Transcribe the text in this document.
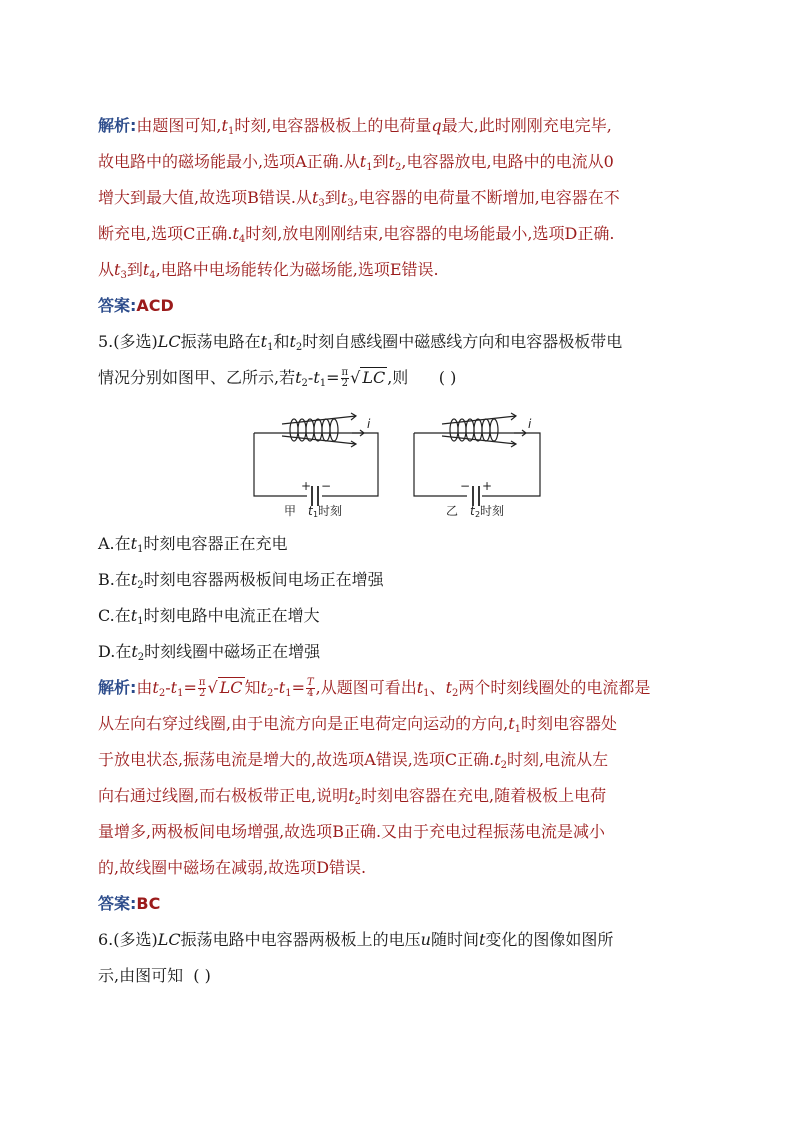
解析:由题图可知$,t_1$时刻,电容器极板上的电荷量q最大,此时刚刚充电完毕,
故电路中的磁场能最小,选项A正确.从$t_1$到$t_2$,电容器放电,电路中的电流从0
增大到最大值,故选项B错误.从$t_3$到$t_3$,电容器的电荷量不断增加,电容器在不
断充电,选项C正确$.t_4$时刻,放电刚刚结束,电容器的电场能最小,选项D正确.
从$t_3$到$t_4$,电路中电场能转化为磁场能,选项E错误.
答案:ACD
5.(多选)LC振荡电路在$t_1$和$t_2$时刻自感线圈中磁感线方向和电容器极板带电
情况分别如图甲、乙所示,若$t_2-t_1= \frac{\pi}{2}$ √ LC ,则 ( )
A.在$t_1$时刻电容器正在充电
B.在$t_2$时刻电容器两极板间电场正在增强
C.在$t_1$时刻电路中电流正在增大
D.在$t_2$时刻线圈中磁场正在增强
解析:由$t_2-t_1= \frac{\pi}{2}$ √ LC 知$t_2-t_1= \frac{T}{4}$ ,从题图可看出$t_1$、$t_2$两个时刻线圈处的电流都是
从左向右穿过线圈,由于电流方向是正电荷定向运动的方向$,t_1$时刻电容器处
于放电状态,振荡电流是增大的,故选项A错误,选项C正确$.t_2$时刻,电流从左
向右通过线圈,而右极板带正电,说明$t_2$时刻电容器在充电,随着极板上电荷
量增多,两极板间电场增强,故选项B正确.又由于充电过程振荡电流是减小
的,故线圈中磁场在减弱,故选项D错误.
答案:BC
6.(多选)LC振荡电路中电容器两极板上的电压u随时间t变化的图像如图所
示,由图可知 ( )
i	i
+ −	− +
甲 t 1 时刻	乙 t 2 时刻
